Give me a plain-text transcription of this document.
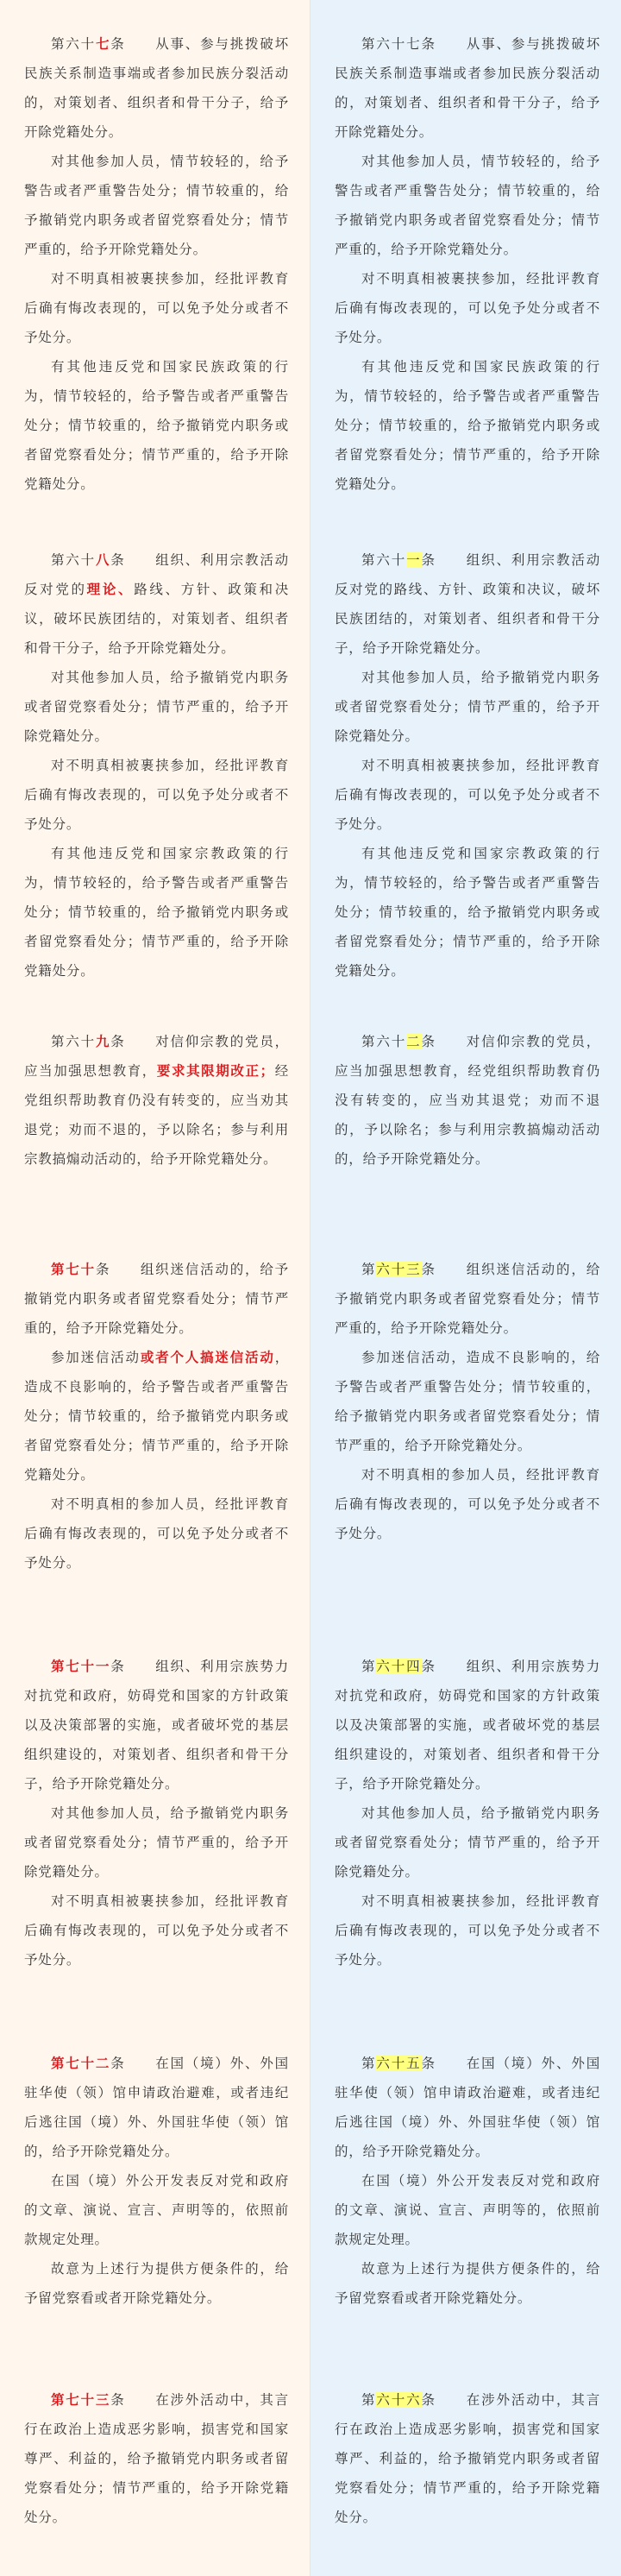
第六十七条　　 从事、参与挑拨破坏民族关系制造事端或者参加民族分裂活动的，对策划者、组织者和骨干分子，给予开除党籍处分。

对其他参加人员，情节较轻的，给予警告或者严重警告处分；情节较重的，给予撤销党内职务或者留党察看处分；情节严重的，给予开除党籍处分。

对不明真相被裹挟参加，经批评教育后确有悔改表现的，可以免予处分或者不予处分。

有其他违反党和国家民族政策的行为，情节较轻的，给予警告或者严重警告处分；情节较重的，给予撤销党内职务或者留党察看处分；情节严重的，给予开除党籍处分。

第六十八条　　 组织、利用宗教活动反对党的理论、路线、方针、政策和决议，破坏民族团结的，对策划者、组织者和骨干分子，给予开除党籍处分。

对其他参加人员，给予撤销党内职务或者留党察看处分；情节严重的，给予开除党籍处分。

对不明真相被裹挟参加，经批评教育后确有悔改表现的，可以免予处分或者不予处分。

有其他违反党和国家宗教政策的行为，情节较轻的，给予警告或者严重警告处分；情节较重的，给予撤销党内职务或者留党察看处分；情节严重的，给予开除党籍处分。

第六十九条　　 对信仰宗教的党员，应当加强思想教育，要求其限期改正；经党组织帮助教育仍没有转变的，应当劝其退党；劝而不退的，予以除名；参与利用宗教搞煽动活动的，给予开除党籍处分。

第七十条　　 组织迷信活动的，给予撤销党内职务或者留党察看处分；情节严重的，给予开除党籍处分。

参加迷信活动或者个人搞迷信活动，造成不良影响的，给予警告或者严重警告处分；情节较重的，给予撤销党内职务或者留党察看处分；情节严重的，给予开除党籍处分。

对不明真相的参加人员，经批评教育后确有悔改表现的，可以免予处分或者不予处分。

第七十一条　　 组织、利用宗族势力对抗党和政府，妨碍党和国家的方针政策以及决策部署的实施，或者破坏党的基层组织建设的，对策划者、组织者和骨干分子，给予开除党籍处分。

对其他参加人员，给予撤销党内职务或者留党察看处分；情节严重的，给予开除党籍处分。

对不明真相被裹挟参加，经批评教育后确有悔改表现的，可以免予处分或者不予处分。

第七十二条　　 在国（境）外、外国驻华使（领）馆申请政治避难，或者违纪后逃往国（境）外、外国驻华使（领）馆的，给予开除党籍处分。

在国（境）外公开发表反对党和政府的文章、演说、宣言、声明等的，依照前款规定处理。

故意为上述行为提供方便条件的，给予留党察看或者开除党籍处分。

第七十三条　　 在涉外活动中，其言行在政治上造成恶劣影响，损害党和国家尊严、利益的，给予撤销党内职务或者留党察看处分；情节严重的，给予开除党籍处分。

第六十七条　　 从事、参与挑拨破坏民族关系制造事端或者参加民族分裂活动的，对策划者、组织者和骨干分子，给予开除党籍处分。

对其他参加人员，情节较轻的，给予警告或者严重警告处分；情节较重的，给予撤销党内职务或者留党察看处分；情节严重的，给予开除党籍处分。

对不明真相被裹挟参加，经批评教育后确有悔改表现的，可以免予处分或者不予处分。

有其他违反党和国家民族政策的行为，情节较轻的，给予警告或者严重警告处分；情节较重的，给予撤销党内职务或者留党察看处分；情节严重的，给予开除党籍处分。

第六十一条　　 组织、利用宗教活动反对党的路线、方针、政策和决议，破坏民族团结的，对策划者、组织者和骨干分子，给予开除党籍处分。

对其他参加人员，给予撤销党内职务或者留党察看处分；情节严重的，给予开除党籍处分。

对不明真相被裹挟参加，经批评教育后确有悔改表现的，可以免予处分或者不予处分。

有其他违反党和国家宗教政策的行为，情节较轻的，给予警告或者严重警告处分；情节较重的，给予撤销党内职务或者留党察看处分；情节严重的，给予开除党籍处分。

第六十二条　　 对信仰宗教的党员，应当加强思想教育，经党组织帮助教育仍没有转变的，应当劝其退党；劝而不退的，予以除名；参与利用宗教搞煽动活动的，给予开除党籍处分。

第六十三条　　 组织迷信活动的，给予撤销党内职务或者留党察看处分；情节严重的，给予开除党籍处分。

参加迷信活动，造成不良影响的，给予警告或者严重警告处分；情节较重的，给予撤销党内职务或者留党察看处分；情节严重的，给予开除党籍处分。

对不明真相的参加人员，经批评教育后确有悔改表现的，可以免予处分或者不予处分。

第六十四条　　 组织、利用宗族势力对抗党和政府，妨碍党和国家的方针政策以及决策部署的实施，或者破坏党的基层组织建设的，对策划者、组织者和骨干分子，给予开除党籍处分。

对其他参加人员，给予撤销党内职务或者留党察看处分；情节严重的，给予开除党籍处分。

对不明真相被裹挟参加，经批评教育后确有悔改表现的，可以免予处分或者不予处分。

第六十五条　　 在国（境）外、外国驻华使（领）馆申请政治避难，或者违纪后逃往国（境）外、外国驻华使（领）馆的，给予开除党籍处分。

在国（境）外公开发表反对党和政府的文章、演说、宣言、声明等的，依照前款规定处理。

故意为上述行为提供方便条件的，给予留党察看或者开除党籍处分。

第六十六条　　 在涉外活动中，其言行在政治上造成恶劣影响，损害党和国家尊严、利益的，给予撤销党内职务或者留党察看处分；情节严重的，给予开除党籍处分。
